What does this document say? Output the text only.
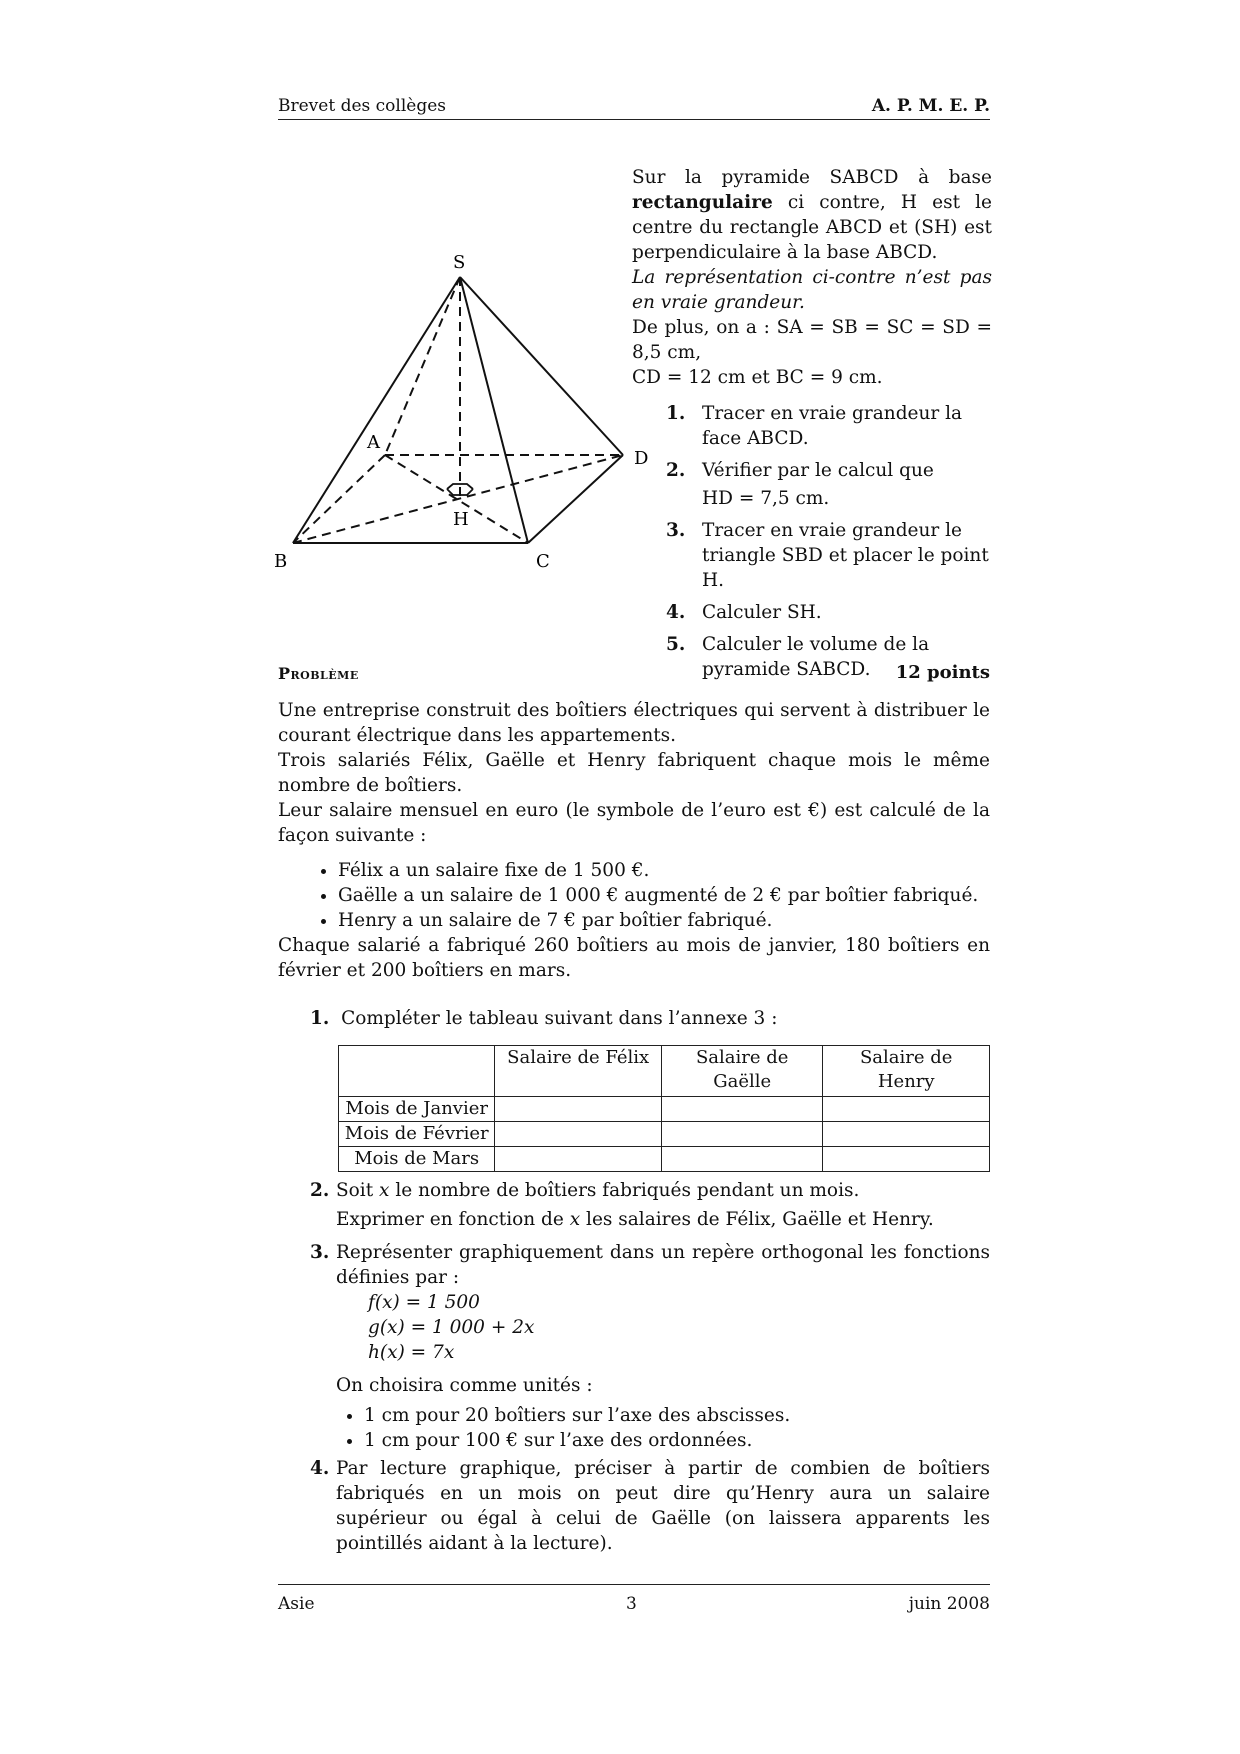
Brevet des collèges	A. P. M. E. P.
S
A
B	C
D
H

Sur la pyramide SABCD à base rectangulaire ci contre, H est le centre du rectangle ABCD et (SH) est perpendiculaire à la base ABCD.

La représentation ci-contre n’est pas en vraie grandeur.

De plus, on a : SA = SB = SC = SD = 8,5 cm,

CD = 12 cm et BC = 9 cm.

1. Tracer en vraie grandeur la face ABCD.
2. Vérifier par le calcul que
HD = 7,5 cm.
3. Tracer en vraie grandeur le triangle SBD et placer le point H.
4. Calculer SH.
5. Calculer le volume de la pyramide SABCD.
Problème	12 points
Une entreprise construit des boîtiers électriques qui servent à distribuer le courant électrique dans les appartements.
Trois salariés Félix, Gaëlle et Henry fabriquent chaque mois le même nombre de boîtiers.
Leur salaire mensuel en euro (le symbole de l’euro est €) est calculé de la façon suivante :
• Félix a un salaire fixe de 1 500 €.
• Gaëlle a un salaire de 1 000 € augmenté de 2 € par boîtier fabriqué.
• Henry a un salaire de 7 € par boîtier fabriqué.
Chaque salarié a fabriqué 260 boîtiers au mois de janvier, 180 boîtiers en février et 200 boîtiers en mars.
1. Compléter le tableau suivant dans l’annexe 3 :
	Salaire de Félix	Salaire de
Gaëlle	Salaire de
Henry
Mois de Janvier			
Mois de Février			
Mois de Mars			
2. Soit x le nombre de boîtiers fabriqués pendant un mois.
Exprimer en fonction de x les salaires de Félix, Gaëlle et Henry.
3. Représenter graphiquement dans un repère orthogonal les fonctions définies par :
f(x) = 1 500
g(x) = 1 000 + 2x
h(x) = 7x
On choisira comme unités :
• 1 cm pour 20 boîtiers sur l’axe des abscisses.
• 1 cm pour 100 € sur l’axe des ordonnées.
4. Par lecture graphique, préciser à partir de combien de boîtiers fabriqués en un mois on peut dire qu’Henry aura un salaire supérieur ou égal à celui de Gaëlle (on laissera apparents les pointillés aidant à la lecture).
Asie	3	juin 2008
